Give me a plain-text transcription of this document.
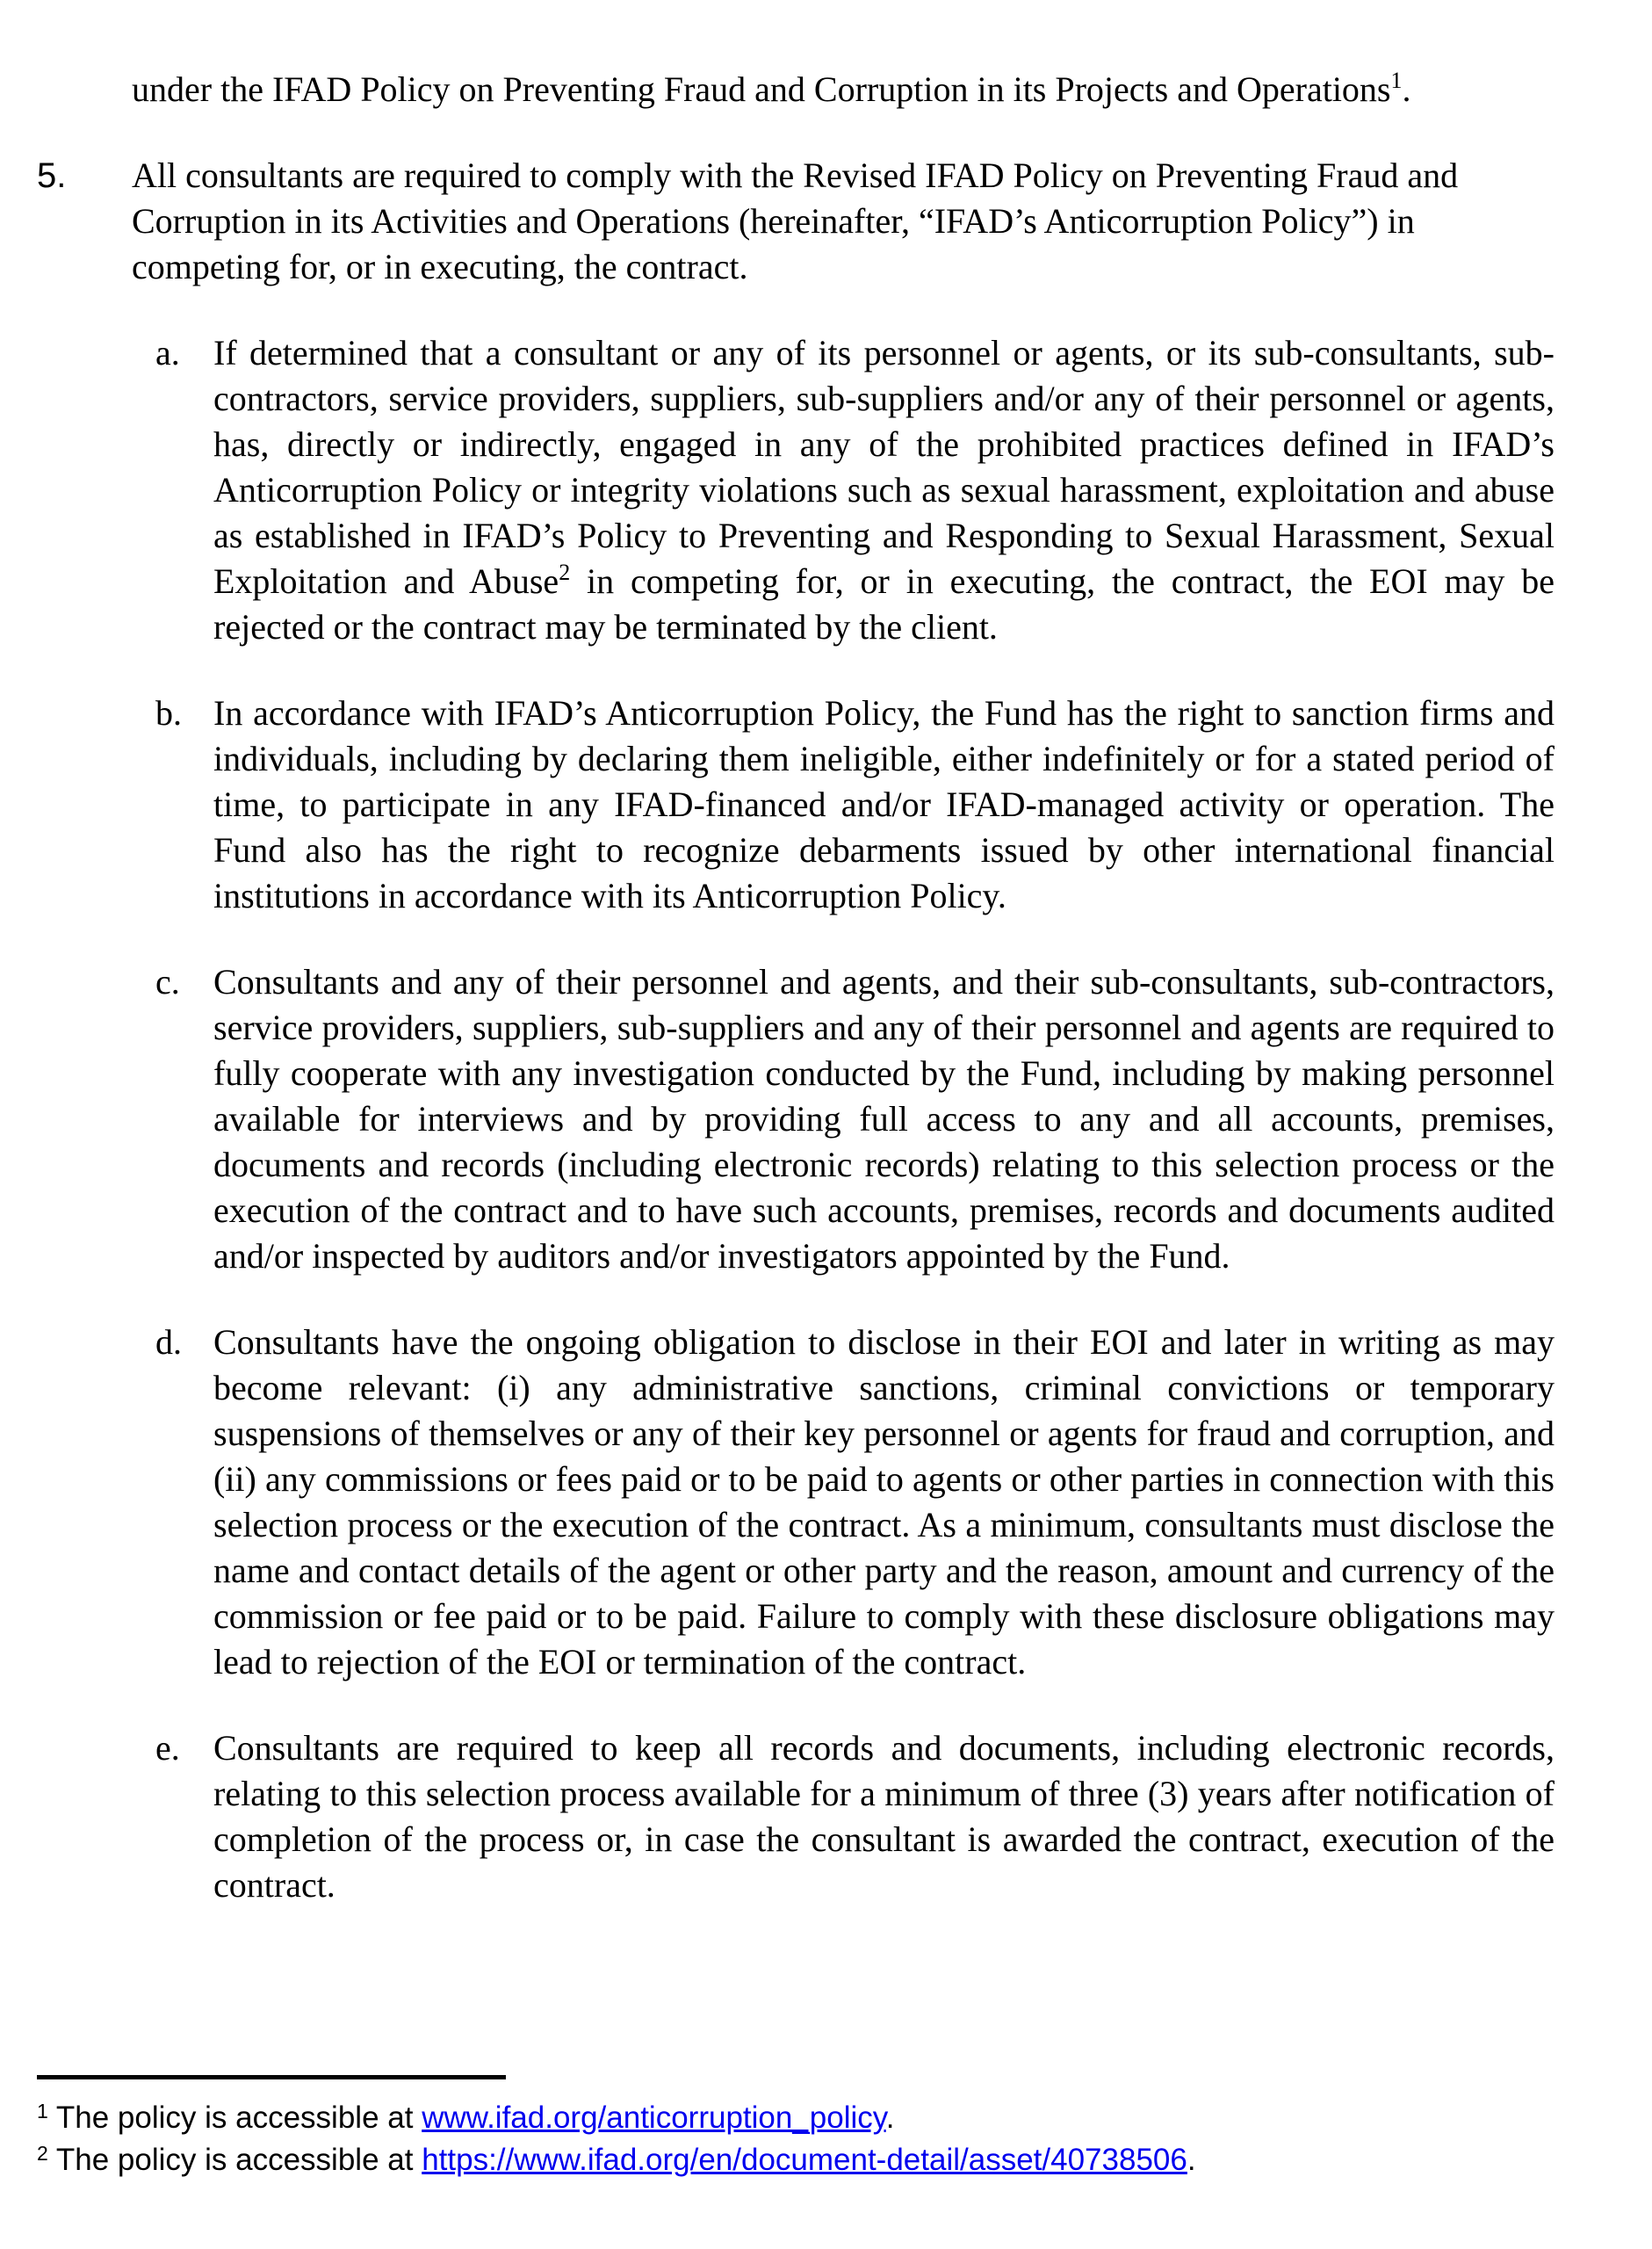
under the IFAD Policy on Preventing Fraud and Corruption in its Projects and Operations$^1$.

5. All consultants are required to comply with the Revised IFAD Policy on Preventing Fraud and Corruption in its Activities and Operations (hereinafter, “IFAD’s Anticorruption Policy”) in competing for, or in executing, the contract.
a. If determined that a consultant or any of its personnel or agents, or its sub-consultants, sub-contractors, service providers, suppliers, sub-suppliers and/or any of their personnel or agents, has, directly or indirectly, engaged in any of the prohibited practices defined in IFAD’s Anticorruption Policy or integrity violations such as sexual harassment, exploitation and abuse as established in IFAD’s Policy to Preventing and Responding to Sexual Harassment, Sexual Exploitation and Abuse$^2$ in competing for, or in executing, the contract, the EOI may be rejected or the contract may be terminated by the client.
b. In accordance with IFAD’s Anticorruption Policy, the Fund has the right to sanction firms and individuals, including by declaring them ineligible, either indefinitely or for a stated period of time, to participate in any IFAD-financed and/or IFAD-managed activity or operation. The Fund also has the right to recognize debarments issued by other international financial institutions in accordance with its Anticorruption Policy.
c. Consultants and any of their personnel and agents, and their sub-consultants, sub-contractors, service providers, suppliers, sub-suppliers and any of their personnel and agents are required to fully cooperate with any investigation conducted by the Fund, including by making personnel available for interviews and by providing full access to any and all accounts, premises, documents and records (including electronic records) relating to this selection process or the execution of the contract and to have such accounts, premises, records and documents audited and/or inspected by auditors and/or investigators appointed by the Fund.
d. Consultants have the ongoing obligation to disclose in their EOI and later in writing as may become relevant: (i) any administrative sanctions, criminal convictions or temporary suspensions of themselves or any of their key personnel or agents for fraud and corruption, and (ii) any commissions or fees paid or to be paid to agents or other parties in connection with this selection process or the execution of the contract. As a minimum, consultants must disclose the name and contact details of the agent or other party and the reason, amount and currency of the commission or fee paid or to be paid. Failure to comply with these disclosure obligations may lead to rejection of the EOI or termination of the contract.
e. Consultants are required to keep all records and documents, including electronic records, relating to this selection process available for a minimum of three (3) years after notification of completion of the process or, in case the consultant is awarded the contract, execution of the contract.
$^1$ The policy is accessible at www.ifad.org/anticorruption_policy.
$^2$ The policy is accessible at https://www.ifad.org/en/document-detail/asset/40738506.
